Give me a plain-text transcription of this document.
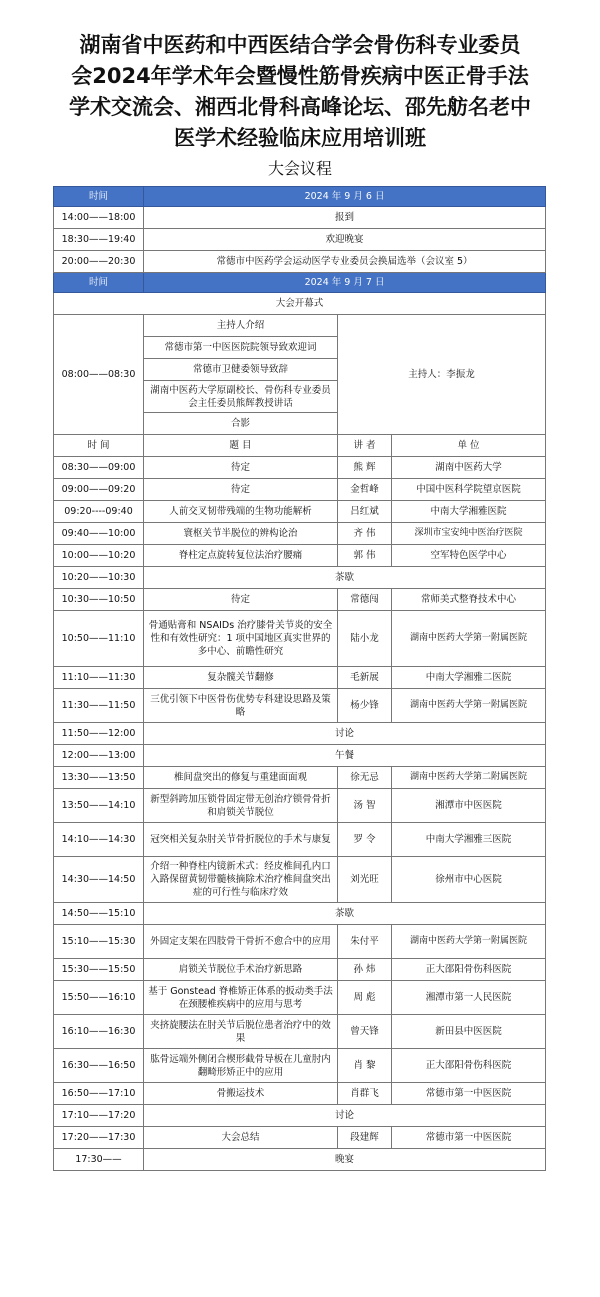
湖南省中医药和中西医结合学会骨伤科专业委员
会2024年学术年会暨慢性筋骨疾病中医正骨手法
学术交流会、湘西北骨科高峰论坛、邵先舫名老中
医学术经验临床应用培训班
大会议程
时间	2024 年 9 月 6 日		
14:00——18:00	报到		
18:30——19:40	欢迎晚宴		
20:00——20:30	常德市中医药学会运动医学专业委员会换届选举（会议室 5）		
时间	2024 年 9 月 7 日		
大会开幕式			
08:00——08:30	主持人介绍	主持人：李振龙	
	常德市第一中医医院院领导致欢迎词		
	常德市卫健委领导致辞		
	湖南中医药大学原副校长、骨伤科专业委员会主任委员熊辉教授讲话		
	合影		
时 间	题 目	讲 者	单 位
08:30——09:00	待定	熊 辉	湖南中医药大学
09:00——09:20	待定	金哲峰	中国中医科学院望京医院
09:20----09:40	人前交叉韧带残端的生物功能解析	吕红斌	中南大学湘雅医院
09:40——10:00	寰枢关节半脱位的辨构论治	齐 伟	深圳市宝安纯中医治疗医院
10:00——10:20	脊柱定点旋转复位法治疗腰痛	郭 伟	空军特色医学中心
10:20——10:30	茶歇		
10:30——10:50	待定	常德闯	常师美式整脊技术中心
10:50——11:10	骨通贴膏和 NSAIDs 治疗膝骨关节炎的安全性和有效性研究：1 项中国地区真实世界的多中心、前瞻性研究	陆小龙	湖南中医药大学第一附属医院
11:10——11:30	复杂髋关节翻修	毛新展	中南大学湘雅二医院
11:30——11:50	三优引领下中医骨伤优势专科建设思路及策略	杨少锋	湖南中医药大学第一附属医院
11:50——12:00	讨论		
12:00——13:00	午餐		
13:30——13:50	椎间盘突出的修复与重建面面观	徐无忌	湖南中医药大学第二附属医院
13:50——14:10	新型斜跨加压锁骨固定带无创治疗锁骨骨折和肩锁关节脱位	汤 智	湘潭市中医医院
14:10——14:30	冠突相关复杂肘关节骨折脱位的手术与康复	罗 令	中南大学湘雅三医院
14:30——14:50	介绍一种脊柱内镜新术式：经皮椎间孔内口入路保留黄韧带髓核摘除术治疗椎间盘突出症的可行性与临床疗效	刘光旺	徐州市中心医院
14:50——15:10	茶歇		
15:10——15:30	外固定支架在四肢骨干骨折不愈合中的应用	朱付平	湖南中医药大学第一附属医院
15:30——15:50	肩锁关节脱位手术治疗新思路	孙 炜	正大邵阳骨伤科医院
15:50——16:10	基于 Gonstead 脊椎矫正体系的扳动类手法在颈腰椎疾病中的应用与思考	周 彪	湘潭市第一人民医院
16:10——16:30	夹挤旋腰法在肘关节后脱位患者治疗中的效果	曾天锋	新田县中医医院
16:30——16:50	肱骨远端外侧闭合楔形截骨导板在儿童肘内翻畸形矫正中的应用	肖 黎	正大邵阳骨伤科医院
16:50——17:10	骨搬运技术	肖群飞	常德市第一中医医院
17:10——17:20	讨论		
17:20——17:30	大会总结	段建辉	常德市第一中医医院
17:30——	晚宴		
